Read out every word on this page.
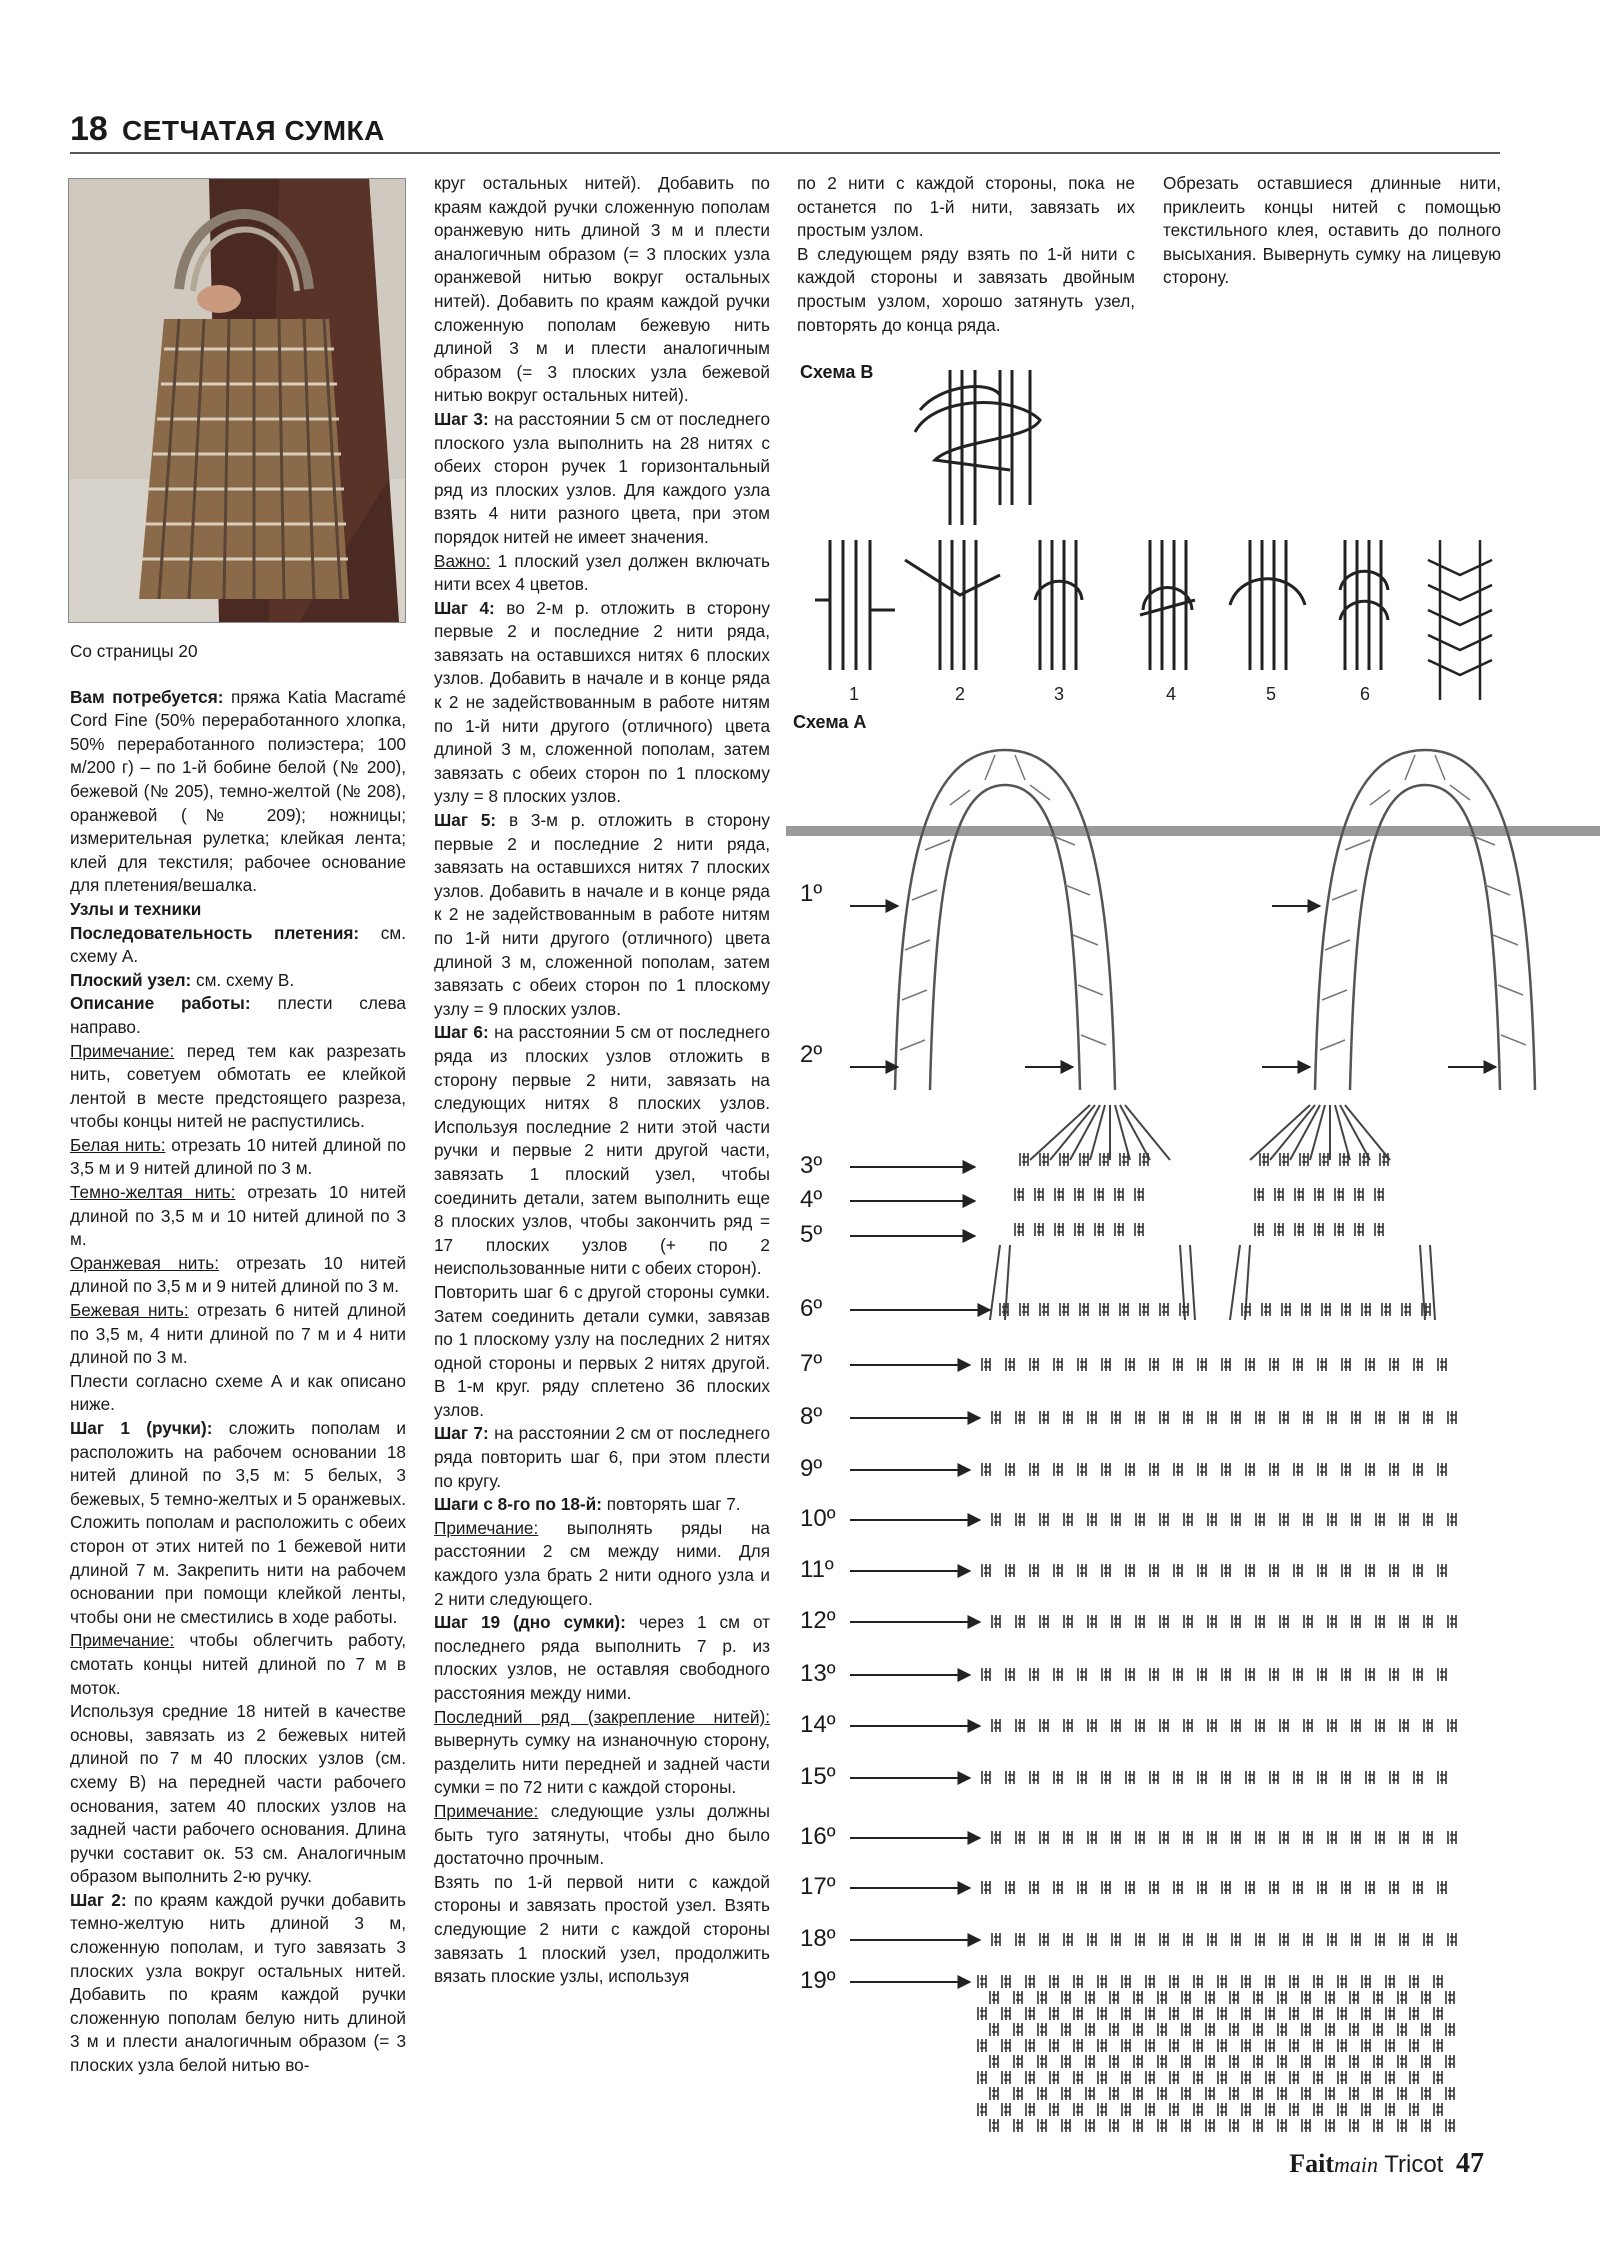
18 СЕТЧАТАЯ СУМКА

Со страницы 20

Вам потребуется: пряжа Katia Macramé Cord Fine (50% переработанного хлопка, 50% переработанного полиэстера; 100 м/200 г) – по 1-й бобине белой (№ 200), бежевой (№ 205), темно-желтой (№ 208), оранжевой (№ 209); ножницы; измерительная рулетка; клейкая лента; клей для текстиля; рабочее основание для плетения/вешалка.

Узлы и техники

Последовательность плетения: см. схему А.

Плоский узел: см. схему В.

Описание работы: плести слева направо.

Примечание: перед тем как разрезать нить, советуем обмотать ее клейкой лентой в месте предстоящего разреза, чтобы концы нитей не распустились.

Белая нить: отрезать 10 нитей длиной по 3,5 м и 9 нитей длиной по 3 м.

Темно-желтая нить: отрезать 10 нитей длиной по 3,5 м и 10 нитей длиной по 3 м.

Оранжевая нить: отрезать 10 нитей длиной по 3,5 м и 9 нитей длиной по 3 м.

Бежевая нить: отрезать 6 нитей длиной по 3,5 м, 4 нити длиной по 7 м и 4 нити длиной по 3 м.

Плести согласно схеме А и как описано ниже.

Шаг 1 (ручки): сложить пополам и расположить на рабочем основании 18 нитей длиной по 3,5 м: 5 белых, 3 бежевых, 5 темно-желтых и 5 оранжевых. Сложить пополам и расположить с обеих сторон от этих нитей по 1 бежевой нити длиной 7 м. Закрепить нити на рабочем основании при помощи клейкой ленты, чтобы они не сместились в ходе работы.

Примечание: чтобы облегчить работу, смотать концы нитей длиной по 7 м в моток.

Используя средние 18 нитей в качестве основы, завязать из 2 бежевых нитей длиной по 7 м 40 плоских узлов (см. схему В) на передней части рабочего основания, затем 40 плоских узлов на задней части рабочего основания. Длина ручки составит ок. 53 см. Аналогичным образом выполнить 2-ю ручку.

Шаг 2: по краям каждой ручки добавить темно-желтую нить длиной 3 м, сложенную пополам, и туго завязать 3 плоских узла вокруг остальных нитей. Добавить по краям каждой ручки сложенную пополам белую нить длиной 3 м и плести аналогичным образом (= 3 плоских узла белой нитью во-

круг остальных нитей). Добавить по краям каждой ручки сложенную пополам оранжевую нить длиной 3 м и плести аналогичным образом (= 3 плоских узла оранжевой нитью вокруг остальных нитей). Добавить по краям каждой ручки сложенную пополам бежевую нить длиной 3 м и плести аналогичным образом (= 3 плоских узла бежевой нитью вокруг остальных нитей).

Шаг 3: на расстоянии 5 см от последнего плоского узла выполнить на 28 нитях с обеих сторон ручек 1 горизонтальный ряд из плоских узлов. Для каждого узла взять 4 нити разного цвета, при этом порядок нитей не имеет значения.

Важно: 1 плоский узел должен включать нити всех 4 цветов.

Шаг 4: во 2-м р. отложить в сторону первые 2 и последние 2 нити ряда, завязать на оставшихся нитях 6 плоских узлов. Добавить в начале и в конце ряда к 2 не задействованным в работе нитям по 1-й нити другого (отличного) цвета длиной 3 м, сложенной пополам, затем завязать с обеих сторон по 1 плоскому узлу = 8 плоских узлов.

Шаг 5: в 3-м р. отложить в сторону первые 2 и последние 2 нити ряда, завязать на оставшихся нитях 7 плоских узлов. Добавить в начале и в конце ряда к 2 не задействованным в работе нитям по 1-й нити другого (отличного) цвета длиной 3 м, сложенной пополам, затем завязать с обеих сторон по 1 плоскому узлу = 9 плоских узлов.

Шаг 6: на расстоянии 5 см от последнего ряда из плоских узлов отложить в сторону первые 2 нити, завязать на следующих нитях 8 плоских узлов. Используя последние 2 нити этой части ручки и первые 2 нити другой части, завязать 1 плоский узел, чтобы соединить детали, затем выполнить еще 8 плоских узлов, чтобы закончить ряд = 17 плоских узлов (+ по 2 неиспользованные нити с обеих сторон).

Повторить шаг 6 с другой стороны сумки. Затем соединить детали сумки, завязав по 1 плоскому узлу на последних 2 нитях одной стороны и первых 2 нитях другой. В 1-м круг. ряду сплетено 36 плоских узлов.

Шаг 7: на расстоянии 2 см от последнего ряда повторить шаг 6, при этом плести по кругу.

Шаги с 8-го по 18-й: повторять шаг 7.

Примечание: выполнять ряды на расстоянии 2 см между ними. Для каждого узла брать 2 нити одного узла и 2 нити следующего.

Шаг 19 (дно сумки): через 1 см от последнего ряда выполнить 7 р. из плоских узлов, не оставляя свободного расстояния между ними.

Последний ряд (закрепление нитей): вывернуть сумку на изнаночную сторону, разделить нити передней и задней части сумки = по 72 нити с каждой стороны.

Примечание: следующие узлы должны быть туго затянуты, чтобы дно было достаточно прочным.

Взять по 1-й первой нити с каждой стороны и завязать простой узел. Взять следующие 2 нити с каждой стороны завязать 1 плоский узел, продолжить вязать плоские узлы, используя

по 2 нити с каждой стороны, пока не останется по 1-й нити, завязать их простым узлом.

В следующем ряду взять по 1-й нити с каждой стороны и завязать двойным простым узлом, хорошо затянуть узел, повторять до конца ряда.

Обрезать оставшиеся длинные нити, приклеить концы нитей с помощью текстильного клея, оставить до полного высыхания. Вывернуть сумку на лицевую сторону.

Схема В
Схема А
1	2	3	4	5	6
1º
2º
3º
4º
5º
6º
7º
8º
9º
10º
11º
12º
13º
14º
15º
16º
17º
18º
19º
Faitmain Tricot 47
